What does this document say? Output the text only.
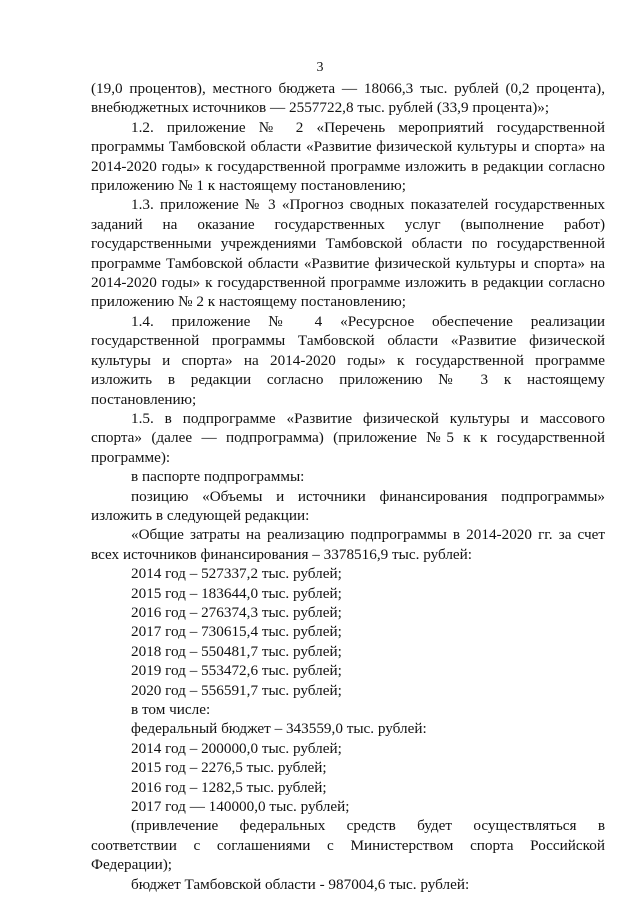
3

(19,0 процентов), местного бюджета — 18066,3 тыс. рублей (0,2 процента), внебюджетных источников — 2557722,8 тыс. рублей (33,9 процента)»;

1.2. приложение № 2 «Перечень мероприятий государственной программы Тамбовской области «Развитие физической культуры и спорта» на 2014-2020 годы» к государственной программе изложить в редакции согласно приложению № 1 к настоящему постановлению;

1.3. приложение № 3 «Прогноз сводных показателей государственных заданий на оказание государственных услуг (выполнение работ) государственными учреждениями Тамбовской области по государственной программе Тамбовской области «Развитие физической культуры и спорта» на 2014-2020 годы» к государственной программе изложить в редакции согласно приложению № 2 к настоящему постановлению;

1.4. приложение № 4 «Ресурсное обеспечение реализации государственной программы Тамбовской области «Развитие физической культуры и спорта» на 2014-2020 годы» к государственной программе изложить в редакции согласно приложению № 3 к настоящему постановлению;

1.5. в подпрограмме «Развитие физической культуры и массового спорта» (далее — подпрограмма) (приложение №5 к к государственной программе):

в паспорте подпрограммы:

позицию «Объемы и источники финансирования подпрограммы» изложить в следующей редакции:

«Общие затраты на реализацию подпрограммы в 2014-2020 гг. за счет всех источников финансирования – 3378516,9 тыс. рублей:

2014 год – 527337,2 тыс. рублей;

2015 год – 183644,0 тыс. рублей;

2016 год – 276374,3 тыс. рублей;

2017 год – 730615,4 тыс. рублей;

2018 год – 550481,7 тыс. рублей;

2019 год – 553472,6 тыс. рублей;

2020 год – 556591,7 тыс. рублей;

в том числе:

федеральный бюджет – 343559,0 тыс. рублей:

2014 год – 200000,0 тыс. рублей;

2015 год – 2276,5 тыс. рублей;

2016 год – 1282,5 тыс. рублей;

2017 год — 140000,0 тыс. рублей;

(привлечение федеральных средств будет осуществляться в соответствии с соглашениями с Министерством спорта Российской Федерации);

бюджет Тамбовской области - 987004,6 тыс. рублей:
